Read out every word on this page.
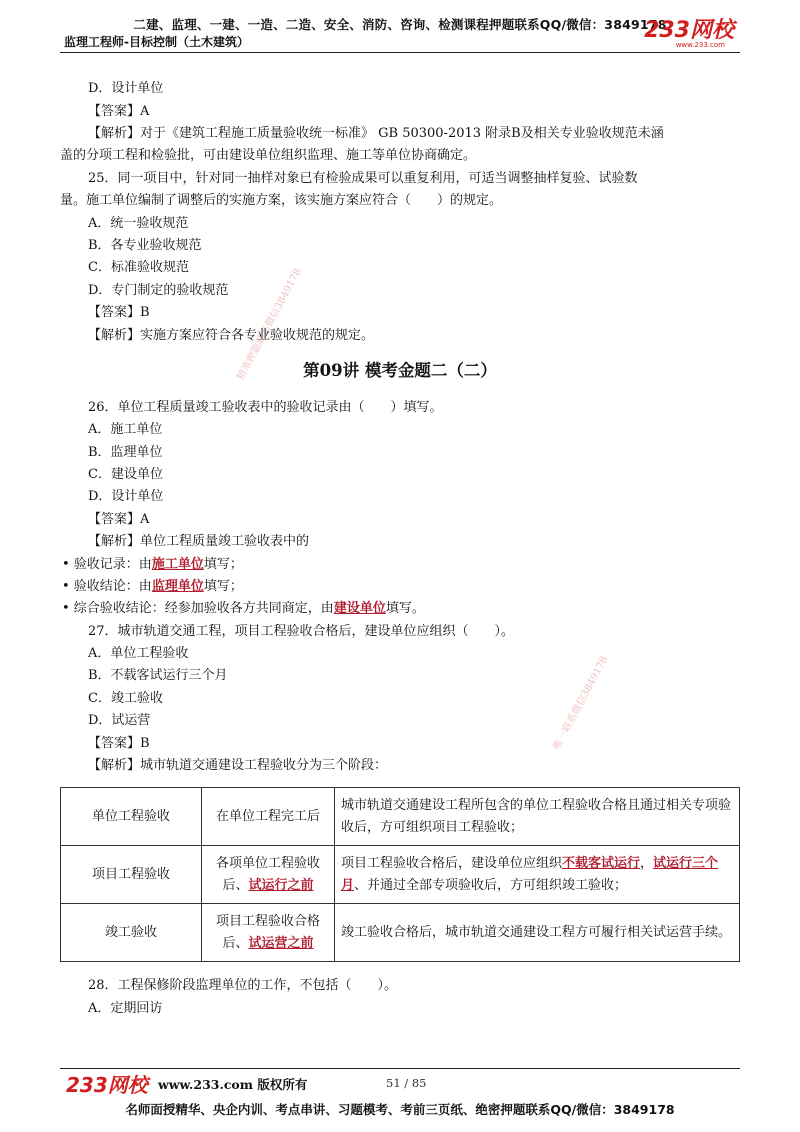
二建、监理、一建、一造、二造、安全、消防、咨询、检测课程押题联系QQ/微信：3849178
监理工程师-目标控制（土木建筑）	233网校
www.233.com
精准押题联系微信3849178
唯一联系微信3849178
D．设计单位
【答案】A
【解析】对于《建筑工程施工质量验收统一标准》 GB 50300-2013 附录B及相关专业验收规范未涵
盖的分项工程和检验批，可由建设单位组织监理、施工等单位协商确定。
25．同一项目中，针对同一抽样对象已有检验成果可以重复利用，可适当调整抽样复验、试验数
量。施工单位编制了调整后的实施方案，该实施方案应符合（　　）的规定。
A．统一验收规范
B．各专业验收规范
C．标准验收规范
D．专门制定的验收规范
【答案】B
【解析】实施方案应符合各专业验收规范的规定。
第09讲 模考金题二（二）
26．单位工程质量竣工验收表中的验收记录由（　　）填写。
A．施工单位
B．监理单位
C．建设单位
D．设计单位
【答案】A
【解析】单位工程质量竣工验收表中的
• 验收记录：由施工单位填写；
• 验收结论：由监理单位填写；
• 综合验收结论：经参加验收各方共同商定，由建设单位填写。
27．城市轨道交通工程，项目工程验收合格后，建设单位应组织（　　）。
A．单位工程验收
B．不载客试运行三个月
C．竣工验收
D．试运营
【答案】B
【解析】城市轨道交通建设工程验收分为三个阶段：
单位工程验收	在单位工程完工后	城市轨道交通建设工程所包含的单位工程验收合格且通过相关专项验收后，方可组织项目工程验收；
项目工程验收	各项单位工程验收后、试运行之前	项目工程验收合格后，建设单位应组织不载客试运行，试运行三个月、并通过全部专项验收后，方可组织竣工验收；
竣工验收	项目工程验收合格后、试运营之前	竣工验收合格后，城市轨道交通建设工程方可履行相关试运营手续。
28．工程保修阶段监理单位的工作，不包括（　　）。
A．定期回访
233网校 www.233.com 版权所有	51 / 85
名师面授精华、央企内训、考点串讲、习题模考、考前三页纸、绝密押题联系QQ/微信：3849178
